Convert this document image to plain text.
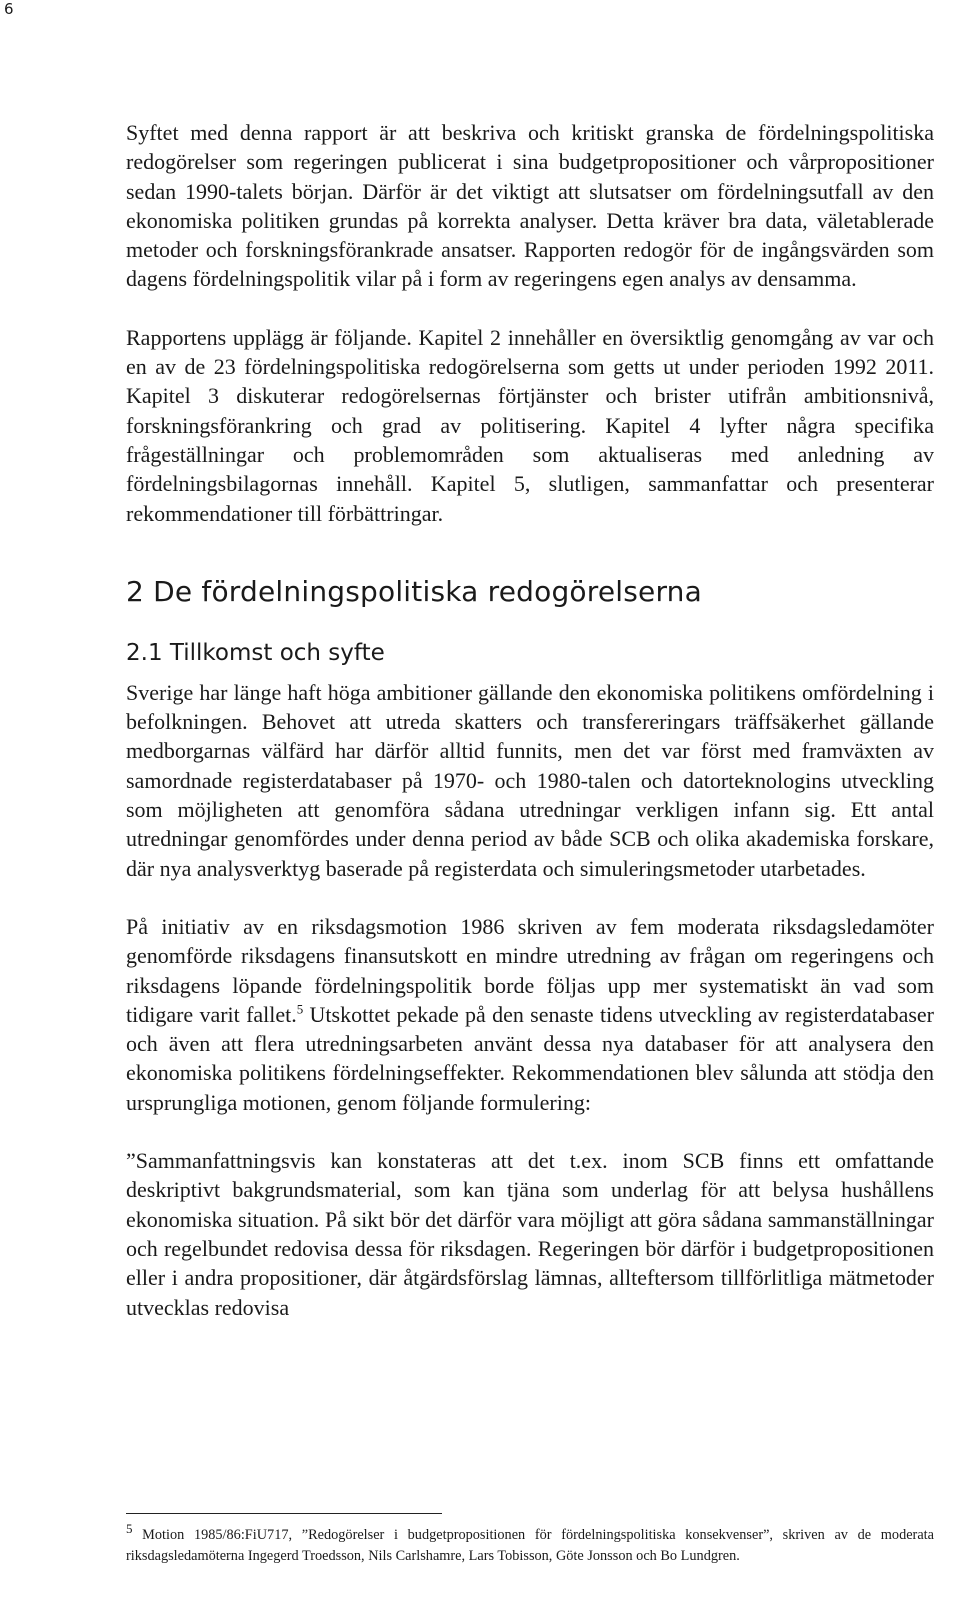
6

Syftet med denna rapport är att beskriva och kritiskt granska de fördelningspolitiska redogörelser som regeringen publicerat i sina budgetpropositioner och vårpropositioner sedan 1990-talets början. Därför är det viktigt att slutsatser om fördelningsutfall av den ekonomiska politiken grundas på korrekta analyser. Detta kräver bra data, väletablerade metoder och forskningsförankrade ansatser. Rapporten redogör för de ingångsvärden som dagens fördelningspolitik vilar på i form av regeringens egen analys av densamma.

Rapportens upplägg är följande. Kapitel 2 innehåller en översiktlig genomgång av var och en av de 23 fördelningspolitiska redogörelserna som getts ut under perioden 1992 2011. Kapitel 3 diskuterar redogörelsernas förtjänster och brister utifrån ambitionsnivå, forskningsförankring och grad av politisering. Kapitel 4 lyfter några specifika frågeställningar och problemområden som aktualiseras med anledning av fördelningsbilagornas innehåll. Kapitel 5, slutligen, sammanfattar och presenterar rekommendationer till förbättringar.

2 De fördelningspolitiska redogörelserna
2.1 Tillkomst och syfte

Sverige har länge haft höga ambitioner gällande den ekonomiska politikens omfördelning i befolkningen. Behovet att utreda skatters och transfereringars träffsäkerhet gällande medborgarnas välfärd har därför alltid funnits, men det var först med framväxten av samordnade registerdatabaser på 1970- och 1980-talen och datorteknologins utveckling som möjligheten att genomföra sådana utredningar verkligen infann sig. Ett antal utredningar genomfördes under denna period av både SCB och olika akademiska forskare, där nya analysverktyg baserade på registerdata och simuleringsmetoder utarbetades.

På initiativ av en riksdagsmotion 1986 skriven av fem moderata riksdagsledamöter genomförde riksdagens finansutskott en mindre utredning av frågan om regeringens och riksdagens löpande fördelningspolitik borde följas upp mer systematiskt än vad som tidigare varit fallet.$^5$ Utskottet pekade på den senaste tidens utveckling av registerdatabaser och även att flera utredningsarbeten använt dessa nya databaser för att analysera den ekonomiska politikens fördelningseffekter. Rekommendationen blev sålunda att stödja den ursprungliga motionen, genom följande formulering:

”Sammanfattningsvis kan konstateras att det t.ex. inom SCB finns ett omfattande deskriptivt bakgrundsmaterial, som kan tjäna som underlag för att belysa hushållens ekonomiska situation. På sikt bör det därför vara möjligt att göra sådana sammanställningar och regelbundet redovisa dessa för riksdagen. Regeringen bör därför i budgetpropositionen eller i andra propositioner, där åtgärdsförslag lämnas, allteftersom tillförlitliga mätmetoder utvecklas redovisa

$^5$ Motion 1985/86:FiU717, ”Redogörelser i budgetpropositionen för fördelningspolitiska konsekvenser”, skriven av de moderata riksdagsledamöterna Ingegerd Troedsson, Nils Carlshamre, Lars Tobisson, Göte Jonsson och Bo Lundgren.
